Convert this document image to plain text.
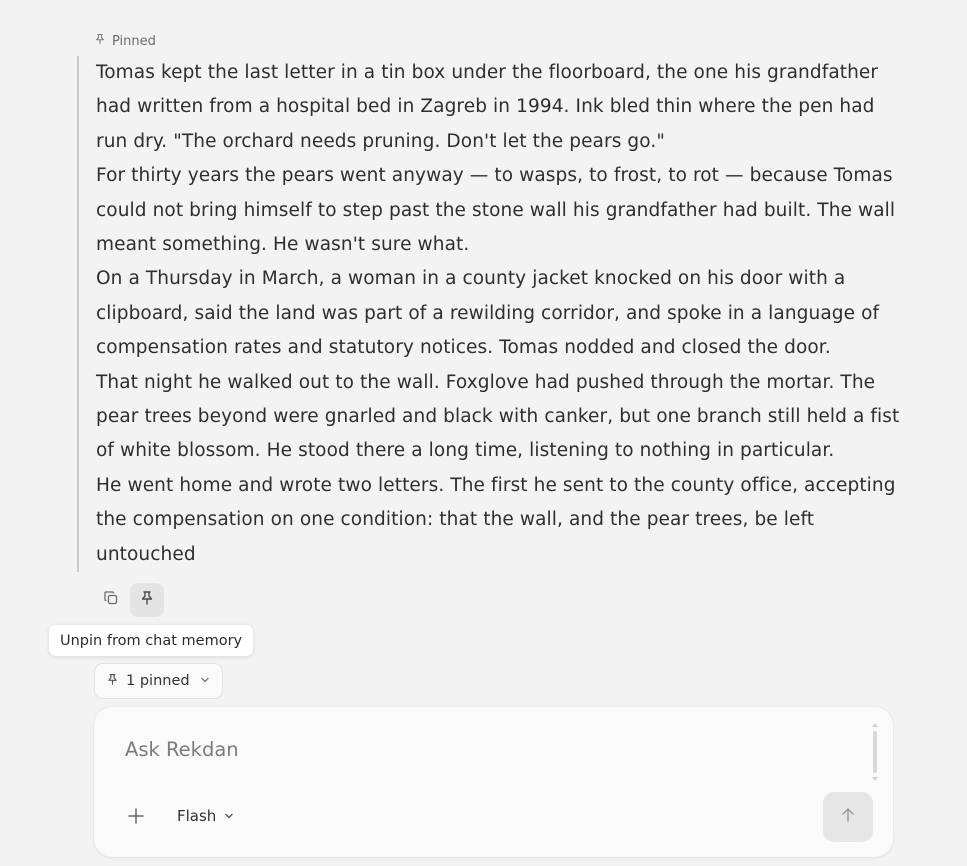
Pinned

Tomas kept the last letter in a tin box under the floorboard, the one his grandfather had written from a hospital bed in Zagreb in 1994. Ink bled thin where the pen had run dry. "The orchard needs pruning. Don't let the pears go."

For thirty years the pears went anyway — to wasps, to frost, to rot — because Tomas could not bring himself to step past the stone wall his grandfather had built. The wall meant something. He wasn't sure what.

On a Thursday in March, a woman in a county jacket knocked on his door with a clipboard, said the land was part of a rewilding corridor, and spoke in a language of compensation rates and statutory notices. Tomas nodded and closed the door.

That night he walked out to the wall. Foxglove had pushed through the mortar. The pear trees beyond were gnarled and black with canker, but one branch still held a fist of white blossom. He stood there a long time, listening to nothing in particular.

He went home and wrote two letters. The first he sent to the county office, accepting the compensation on one condition: that the wall, and the pear trees, be left untouched

Unpin from chat memory
1 pinned
Ask Rekdan
Flash
